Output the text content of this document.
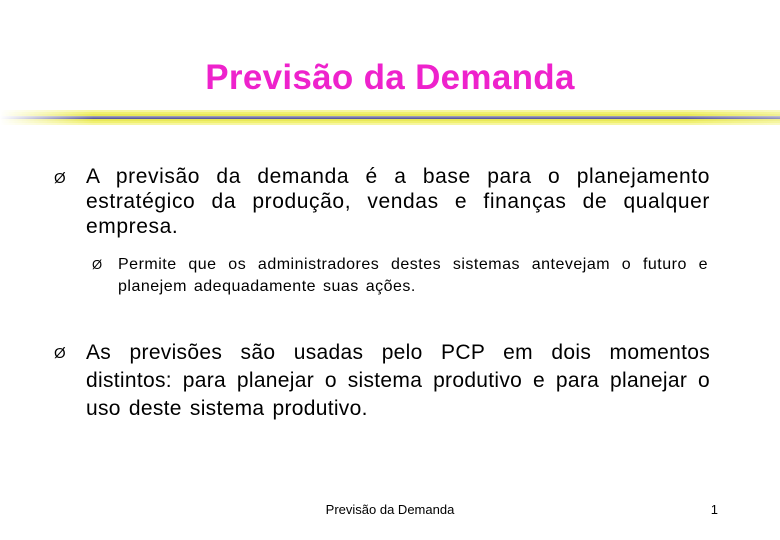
Previsão da Demanda
Ø A previsão da demanda é a base para o planejamento estratégico da produção, vendas e finanças de qualquer empresa.
Ø Permite que os administradores destes sistemas antevejam o futuro e planejem adequadamente suas ações.
Ø As previsões são usadas pelo PCP em dois momentos distintos: para planejar o sistema produtivo e para planejar o uso deste sistema produtivo.
Previsão da Demanda	1
